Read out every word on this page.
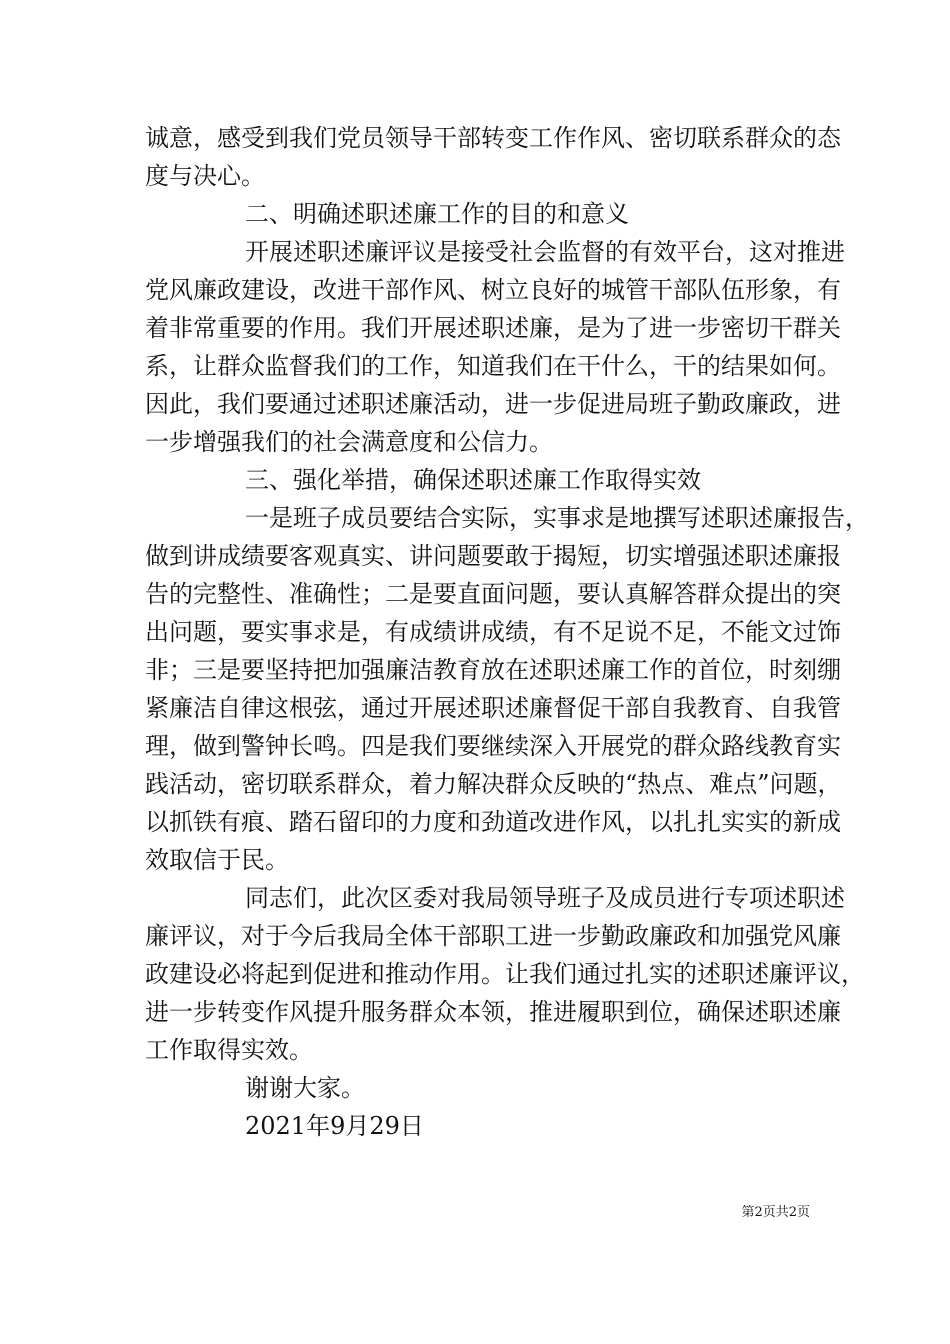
诚意，感受到我们党员领导干部转变工作作风、密切联系群众的态
度与决心。
二、明确述职述廉工作的目的和意义
开展述职述廉评议是接受社会监督的有效平台，这对推进
党风廉政建设，改进干部作风、树立良好的城管干部队伍形象，有
着非常重要的作用。我们开展述职述廉，是为了进一步密切干群关
系，让群众监督我们的工作，知道我们在干什么，干的结果如何。
因此，我们要通过述职述廉活动，进一步促进局班子勤政廉政，进
一步增强我们的社会满意度和公信力。
三、强化举措，确保述职述廉工作取得实效
一是班子成员要结合实际，实事求是地撰写述职述廉报告，
做到讲成绩要客观真实、讲问题要敢于揭短，切实增强述职述廉报
告的完整性、准确性；二是要直面问题，要认真解答群众提出的突
出问题，要实事求是，有成绩讲成绩，有不足说不足，不能文过饰
非；三是要坚持把加强廉洁教育放在述职述廉工作的首位，时刻绷
紧廉洁自律这根弦，通过开展述职述廉督促干部自我教育、自我管
理，做到警钟长鸣。四是我们要继续深入开展党的群众路线教育实
践活动，密切联系群众，着力解决群众反映的“热点、难点”问题，
以抓铁有痕、踏石留印的力度和劲道改进作风，以扎扎实实的新成
效取信于民。
同志们，此次区委对我局领导班子及成员进行专项述职述
廉评议，对于今后我局全体干部职工进一步勤政廉政和加强党风廉
政建设必将起到促进和推动作用。让我们通过扎实的述职述廉评议，
进一步转变作风提升服务群众本领，推进履职到位，确保述职述廉
工作取得实效。
谢谢大家。
2021年9月29日
第2页共2页
